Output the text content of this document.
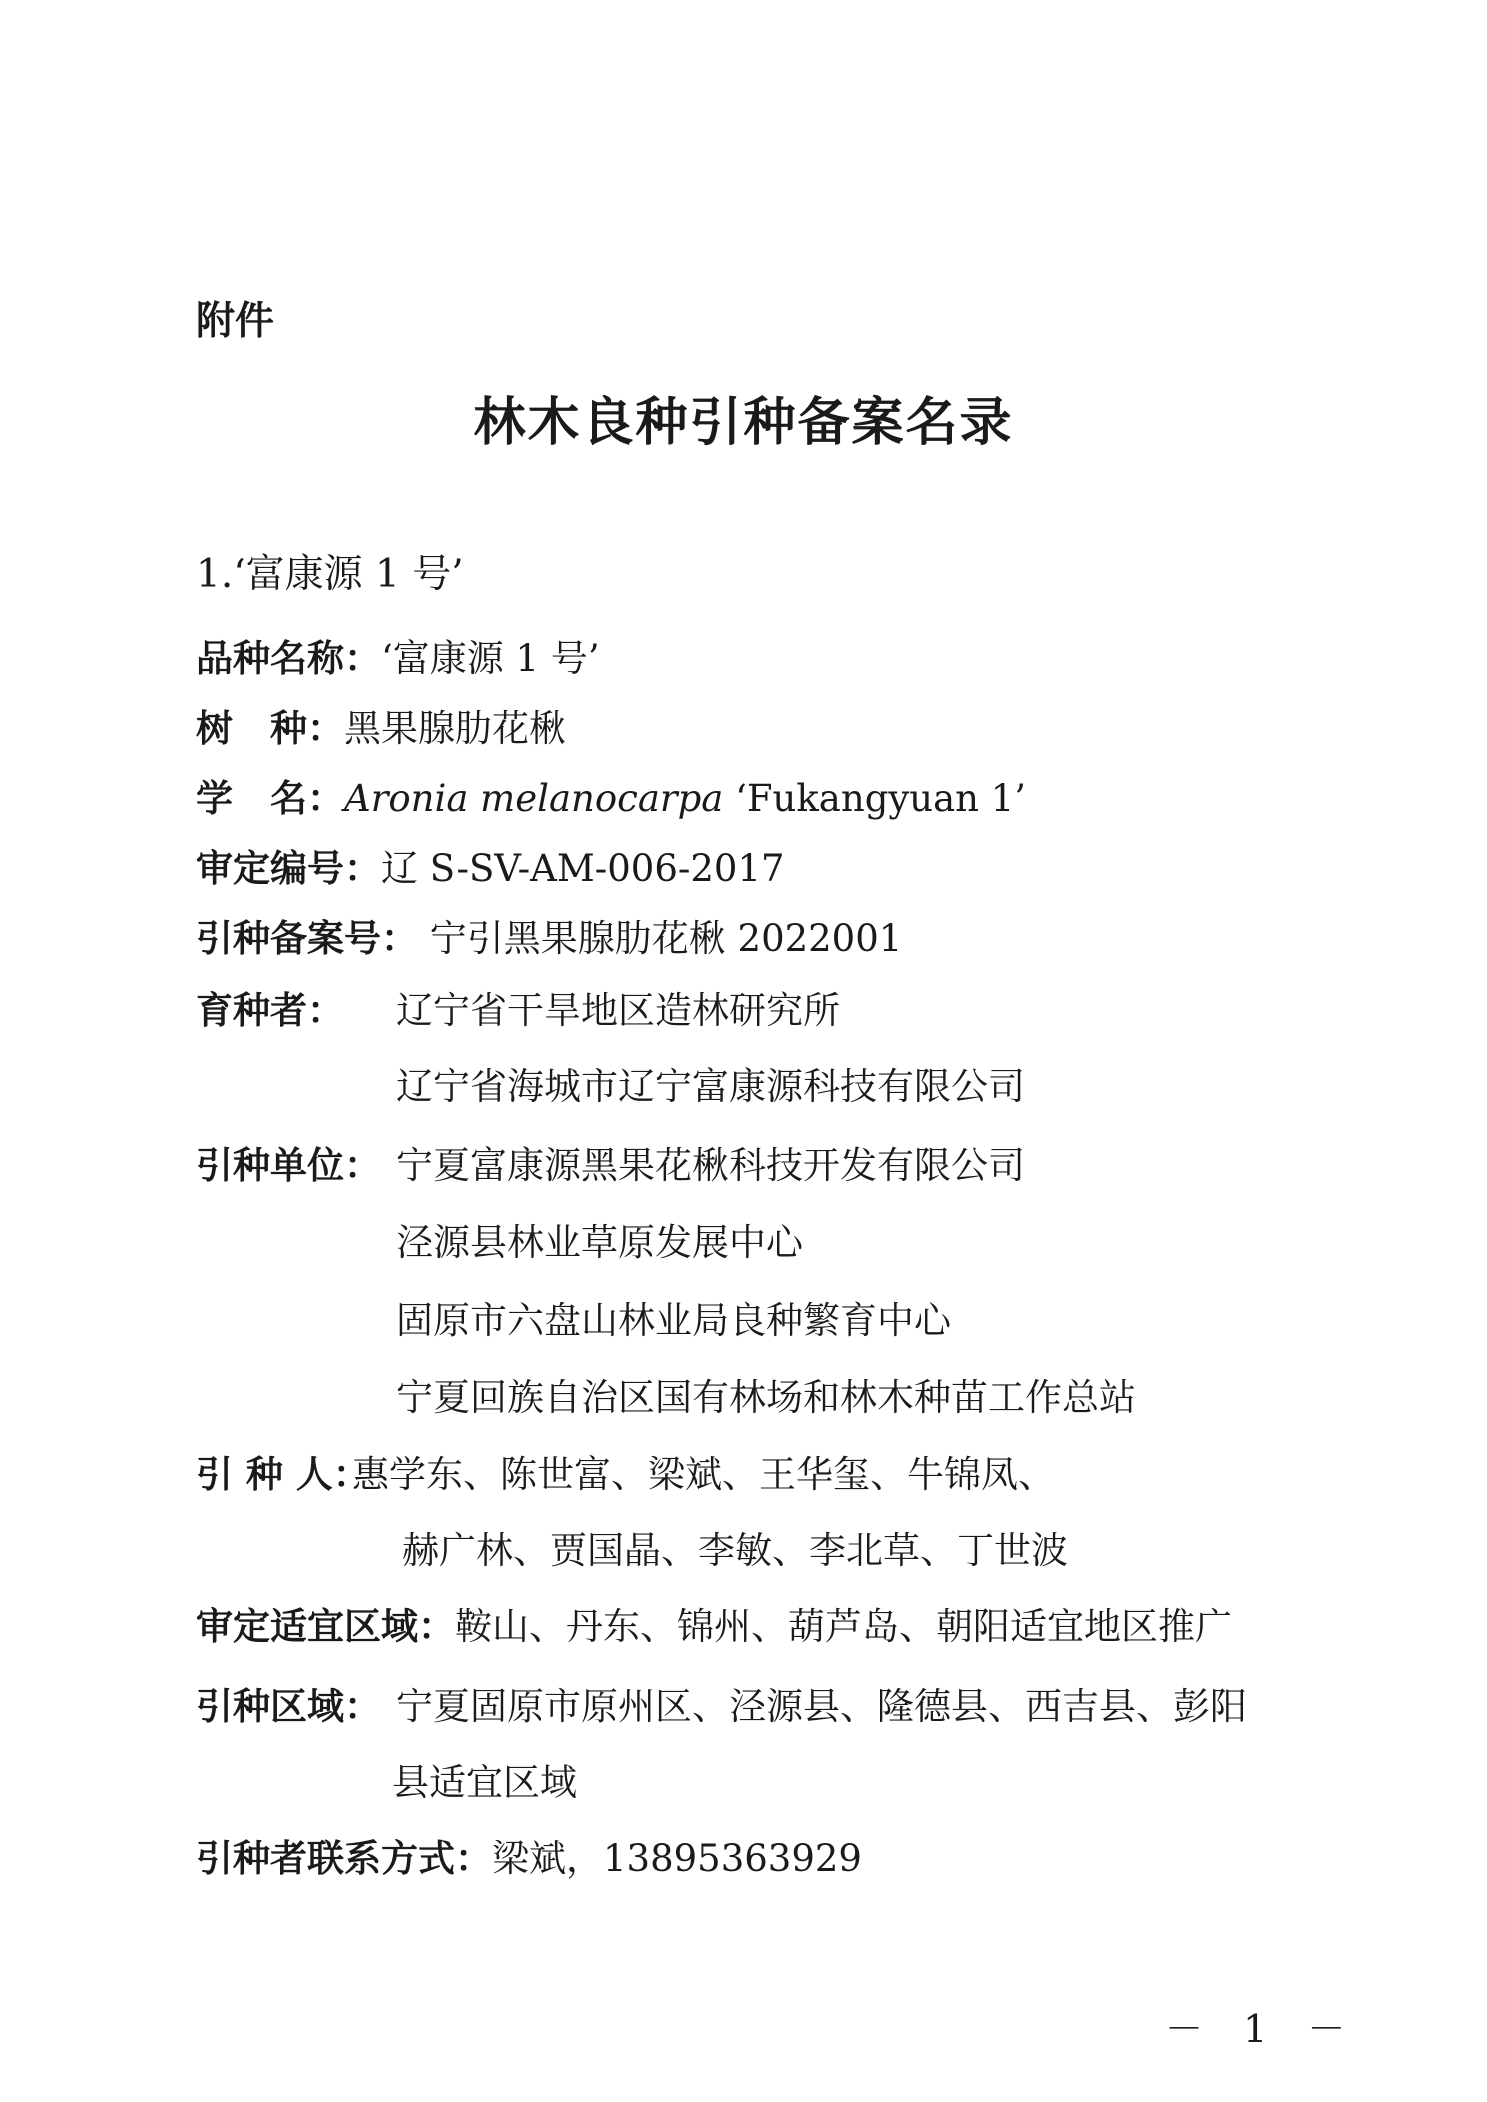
附件
林木良种引种备案名录
1.‘富康源 1 号’
品种名称：‘富康源 1 号’
树　种：黑果腺肋花楸
学　名：Aronia melanocarpa ‘Fukangyuan 1’
审定编号：辽 S-SV-AM-006-2017
引种备案号： 宁引黑果腺肋花楸 2022001
育种者： 辽宁省干旱地区造林研究所
辽宁省海城市辽宁富康源科技有限公司
引种单位： 宁夏富康源黑果花楸科技开发有限公司
泾源县林业草原发展中心
固原市六盘山林业局良种繁育中心
宁夏回族自治区国有林场和林木种苗工作总站
引 种 人：
惠学东、陈世富、梁斌、王华玺、牛锦凤、
赫广林、贾国晶、李敏、李北草、丁世波
审定适宜区域：鞍山、丹东、锦州、葫芦岛、朝阳适宜地区推广
引种区域： 宁夏固原市原州区、泾源县、隆德县、西吉县、彭阳
县适宜区域
引种者联系方式：梁斌，13895363929
－ 1 －
